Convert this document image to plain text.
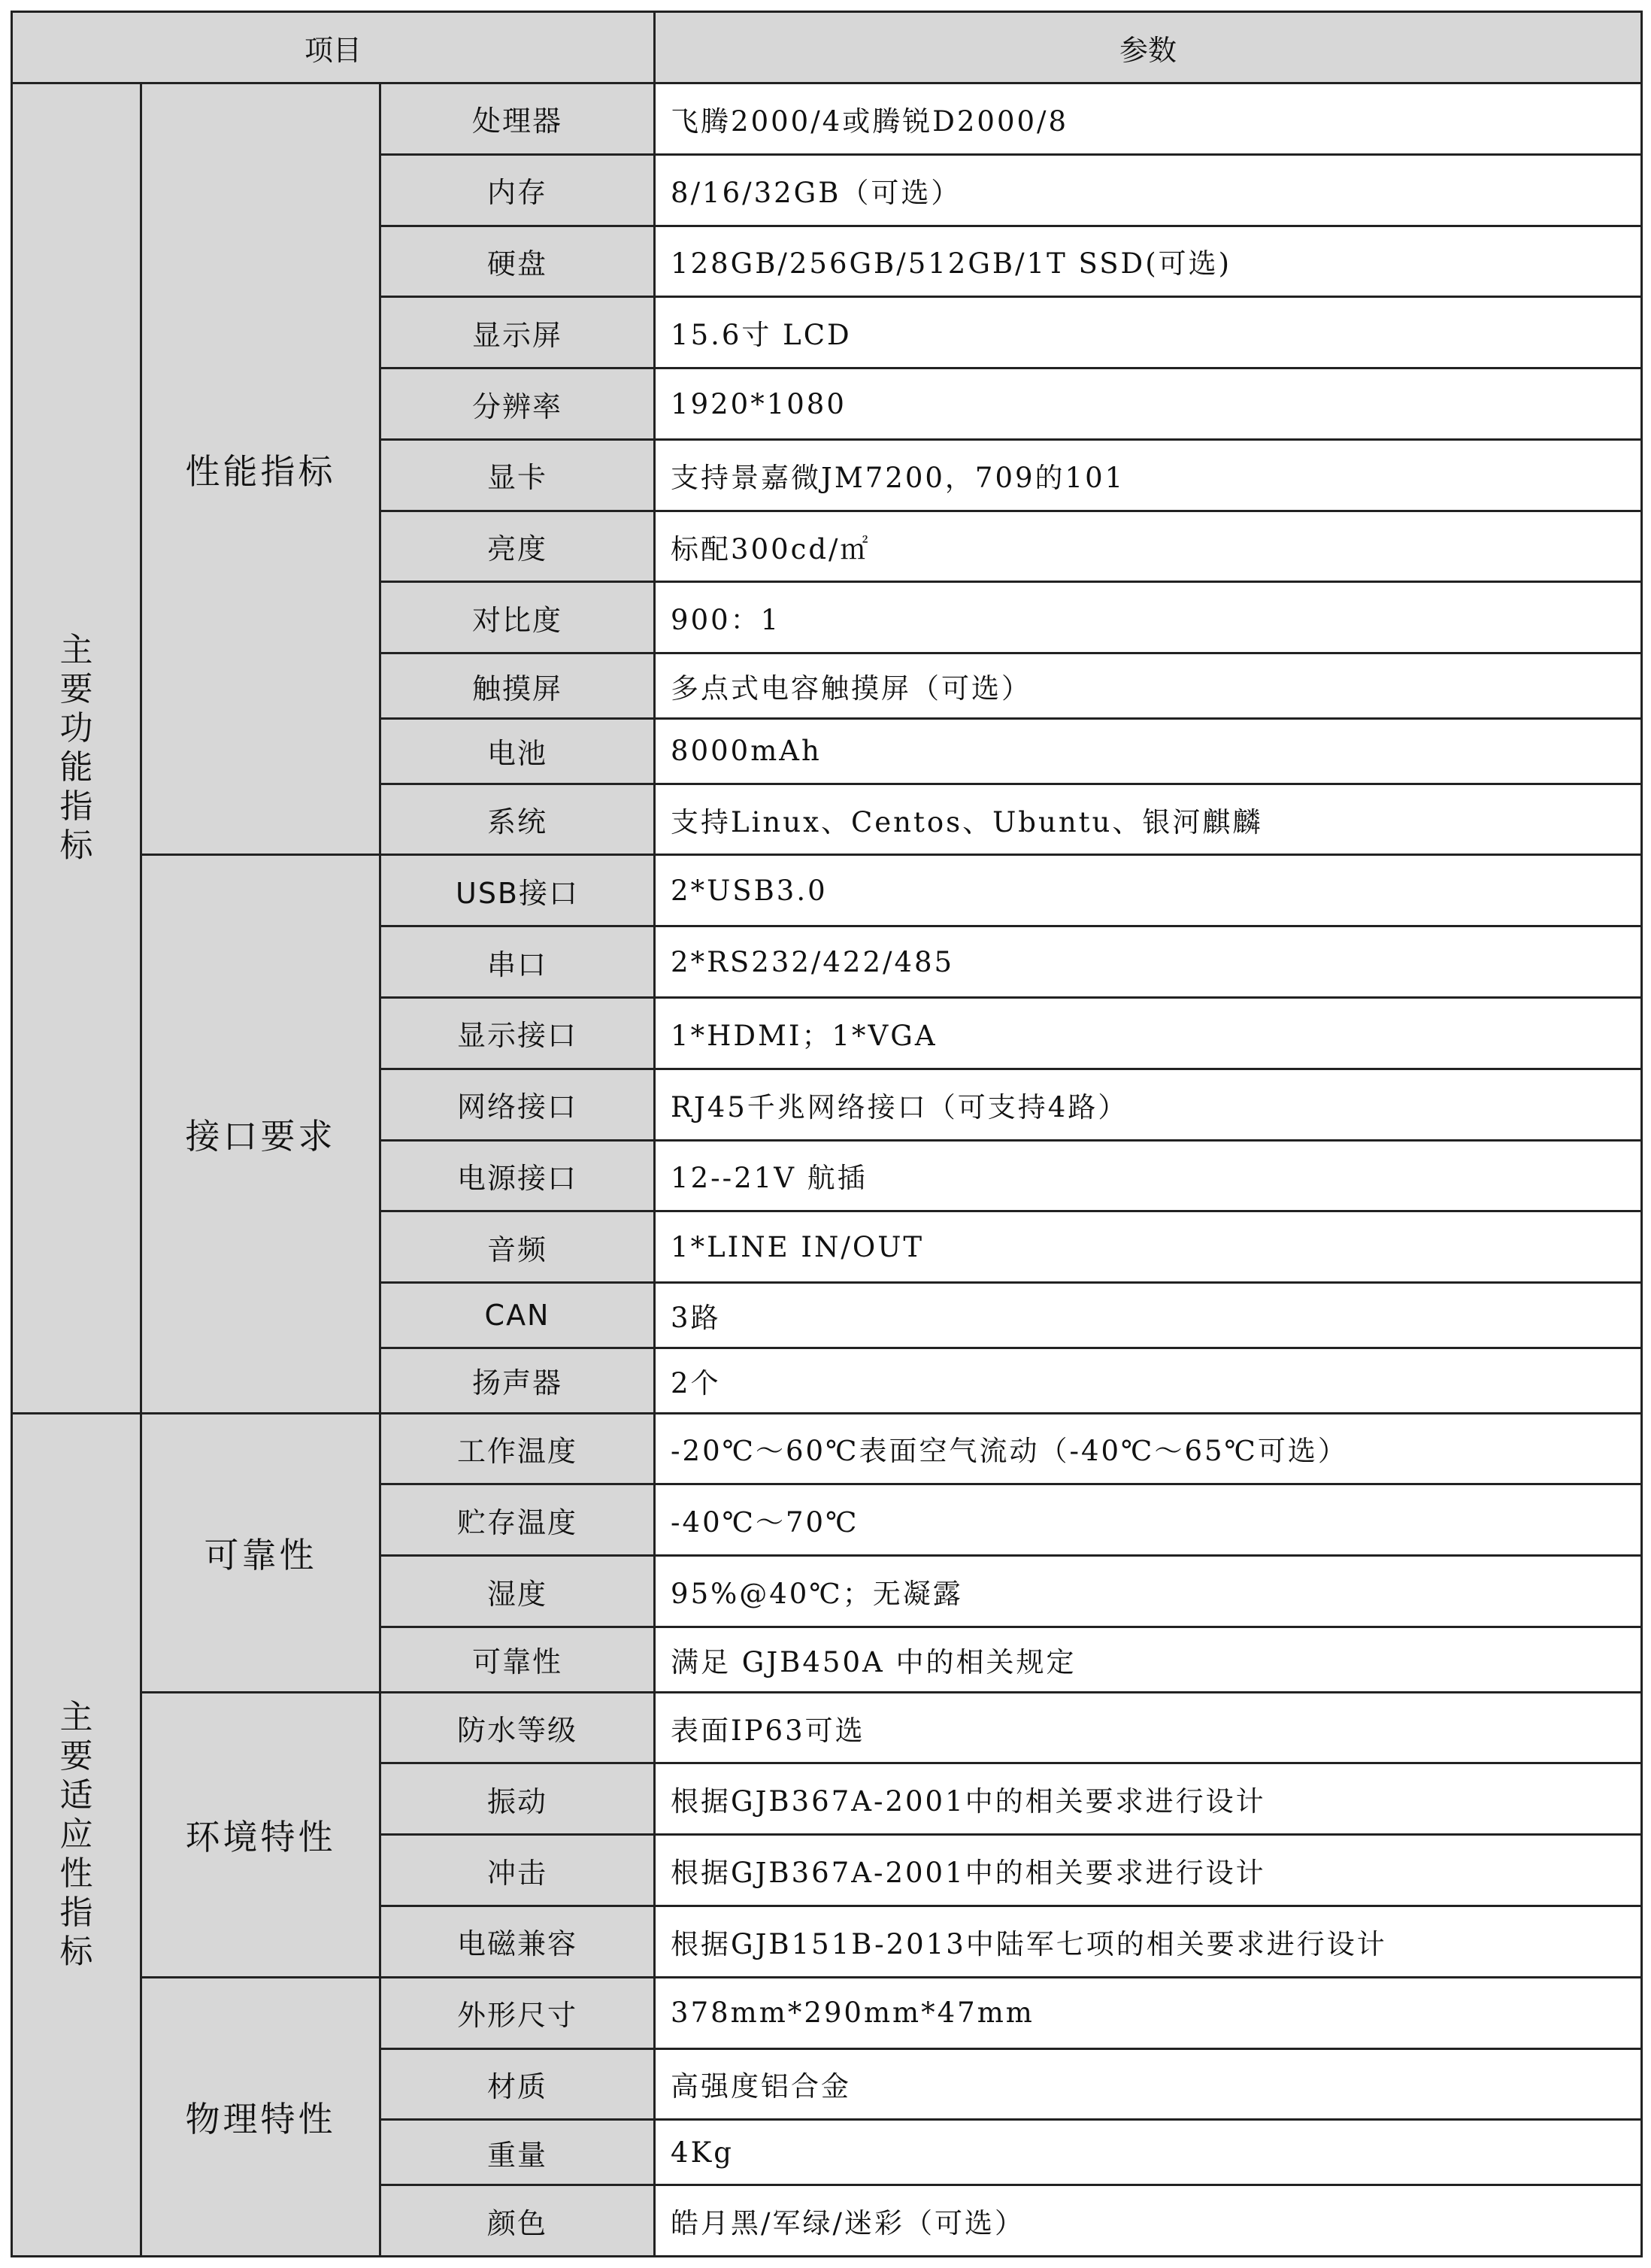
项目			参数

主要功能指标	性能指标	处理器	飞腾2000/4或腾锐D2000/8
		内存	8/16/32GB（可选）
		硬盘	128GB/256GB/512GB/1T SSD(可选)
		显示屏	15.6寸 LCD
		分辨率	1920*1080
		显卡	支持景嘉微JM7200，709的101
		亮度	标配300cd/㎡
		对比度	900：1
		触摸屏	多点式电容触摸屏（可选）
		电池	8000mAh
		系统	支持Linux、Centos、Ubuntu、银河麒麟
	接口要求	USB接口	2*USB3.0
		串口	2*RS232/422/485
		显示接口	1*HDMI；1*VGA
		网络接口	RJ45千兆网络接口（可支持4路）
		电源接口	12--21V 航插
		音频	1*LINE IN/OUT
		CAN	3路
		扬声器	2个

主要适应性指标	可靠性	工作温度	-20℃～60℃表面空气流动（-40℃～65℃可选）
		贮存温度	-40℃～70℃
		湿度	95%@40℃；无凝露
		可靠性	满足 GJB450A 中的相关规定
	环境特性	防水等级	表面IP63可选
		振动	根据GJB367A-2001中的相关要求进行设计
		冲击	根据GJB367A-2001中的相关要求进行设计
		电磁兼容	根据GJB151B-2013中陆军七项的相关要求进行设计
	物理特性	外形尺寸	378mm*290mm*47mm
		材质	高强度铝合金
		重量	4Kg
		颜色	皓月黑/军绿/迷彩（可选）
